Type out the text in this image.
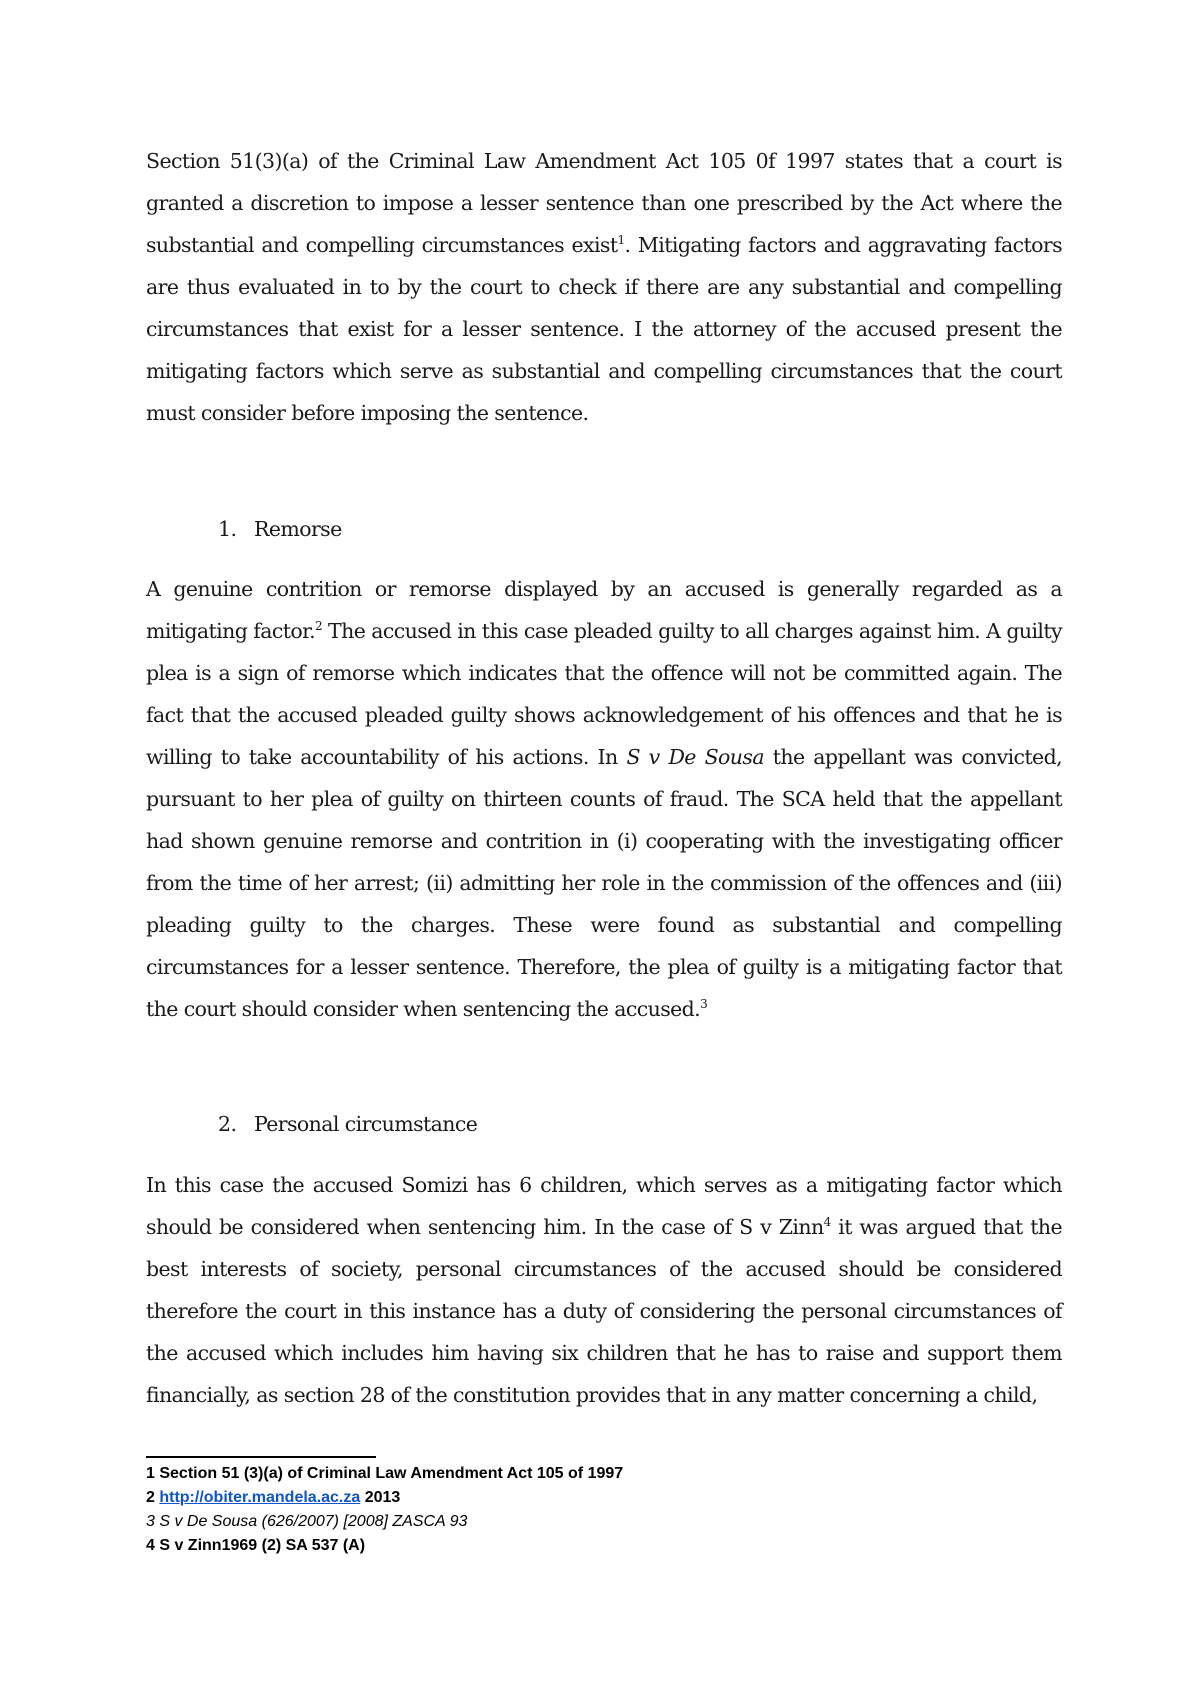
Section 51(3)(a) of the Criminal Law Amendment Act 105 0f 1997 states that a court is granted a discretion to impose a lesser sentence than one prescribed by the Act where the substantial and compelling circumstances exist$^1$. Mitigating factors and aggravating factors are thus evaluated in to by the court to check if there are any substantial and compelling circumstances that exist for a lesser sentence. I the attorney of the accused present the mitigating factors which serve as substantial and compelling circumstances that the court must consider before imposing the sentence.

1. Remorse

A genuine contrition or remorse displayed by an accused is generally regarded as a mitigating factor.$^2$ The accused in this case pleaded guilty to all charges against him. A guilty plea is a sign of remorse which indicates that the offence will not be committed again. The fact that the accused pleaded guilty shows acknowledgement of his offences and that he is willing to take accountability of his actions. In S v De Sousa the appellant was convicted, pursuant to her plea of guilty on thirteen counts of fraud. The SCA held that the appellant had shown genuine remorse and contrition in (i) cooperating with the investigating officer from the time of her arrest; (ii) admitting her role in the commission of the offences and (iii) pleading guilty to the charges. These were found as substantial and compelling circumstances for a lesser sentence. Therefore, the plea of guilty is a mitigating factor that the court should consider when sentencing the accused.$^3$

2. Personal circumstance

In this case the accused Somizi has 6 children, which serves as a mitigating factor which should be considered when sentencing him. In the case of S v Zinn$^4$ it was argued that the best interests of society, personal circumstances of the accused should be considered therefore the court in this instance has a duty of considering the personal circumstances of the accused which includes him having six children that he has to raise and support them financially, as section 28 of the constitution provides that in any matter concerning a child,

1 Section 51 (3)(a) of Criminal Law Amendment Act 105 of 1997
2 http://obiter.mandela.ac.za 2013
3 S v De Sousa (626/2007) [2008] ZASCA 93
4 S v Zinn1969 (2) SA 537 (A)
